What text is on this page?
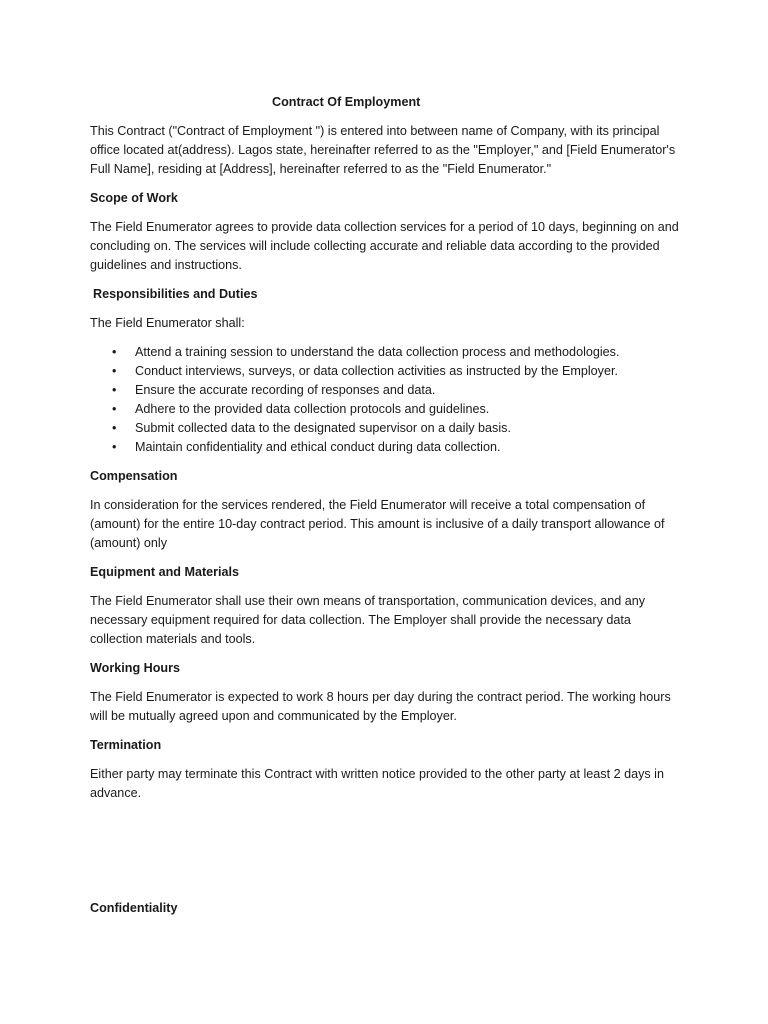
Contract Of Employment

This Contract ("Contract of Employment ") is entered into between name of Company, with its principal office located at(address). Lagos state, hereinafter referred to as the "Employer," and [Field Enumerator's Full Name], residing at [Address], hereinafter referred to as the "Field Enumerator."

Scope of Work

The Field Enumerator agrees to provide data collection services for a period of 10 days, beginning on and concluding on. The services will include collecting accurate and reliable data according to the provided guidelines and instructions.

Responsibilities and Duties

The Field Enumerator shall:

• Attend a training session to understand the data collection process and methodologies.
• Conduct interviews, surveys, or data collection activities as instructed by the Employer.
• Ensure the accurate recording of responses and data.
• Adhere to the provided data collection protocols and guidelines.
• Submit collected data to the designated supervisor on a daily basis.
• Maintain confidentiality and ethical conduct during data collection.
Compensation

In consideration for the services rendered, the Field Enumerator will receive a total compensation of (amount) for the entire 10-day contract period. This amount is inclusive of a daily transport allowance of (amount) only

Equipment and Materials

The Field Enumerator shall use their own means of transportation, communication devices, and any necessary equipment required for data collection. The Employer shall provide the necessary data collection materials and tools.

Working Hours

The Field Enumerator is expected to work 8 hours per day during the contract period. The working hours will be mutually agreed upon and communicated by the Employer.

Termination

Either party may terminate this Contract with written notice provided to the other party at least 2 days in advance.

Confidentiality
